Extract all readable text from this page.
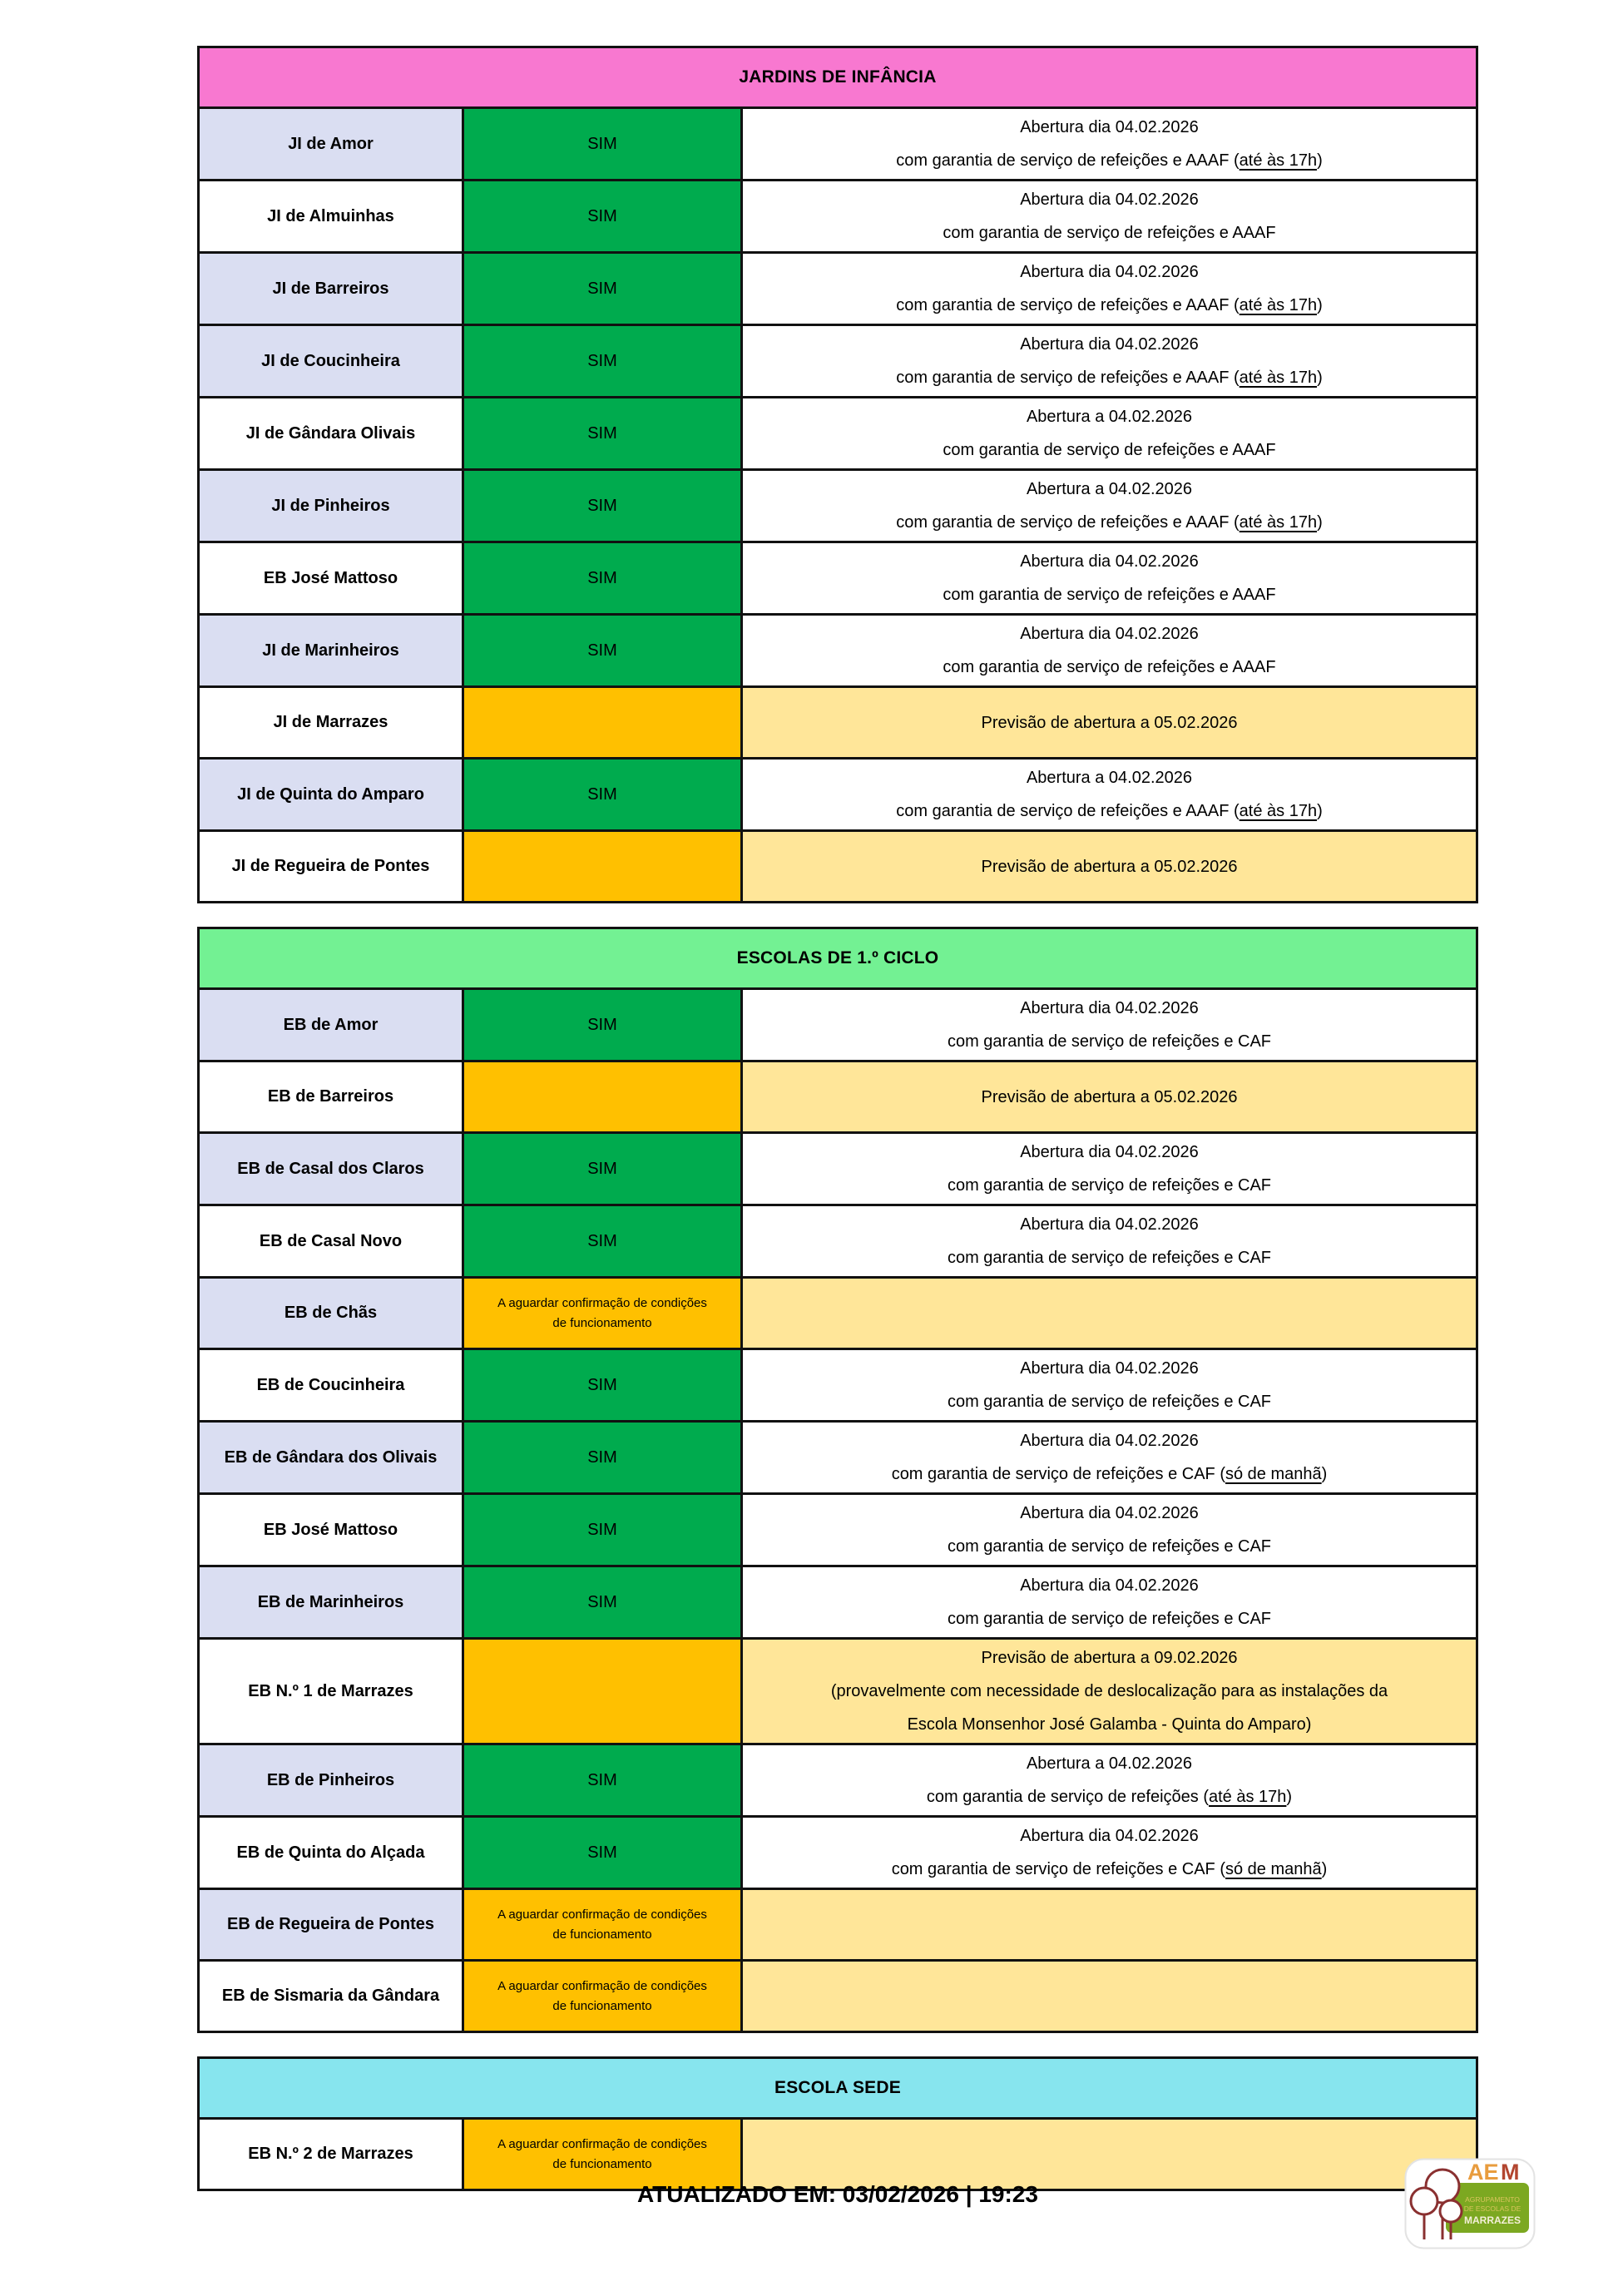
JARDINS DE INFÂNCIA		
JI de Amor	SIM	Abertura dia 04.02.2026
com garantia de serviço de refeições e AAAF (até às 17h)

JI de Almuinhas	SIM	Abertura dia 04.02.2026
com garantia de serviço de refeições e AAAF

JI de Barreiros	SIM	Abertura dia 04.02.2026
com garantia de serviço de refeições e AAAF (até às 17h)

JI de Coucinheira	SIM	Abertura dia 04.02.2026
com garantia de serviço de refeições e AAAF (até às 17h)

JI de Gândara Olivais	SIM	Abertura a 04.02.2026
com garantia de serviço de refeições e AAAF

JI de Pinheiros	SIM	Abertura a 04.02.2026
com garantia de serviço de refeições e AAAF (até às 17h)

EB José Mattoso	SIM	Abertura dia 04.02.2026
com garantia de serviço de refeições e AAAF

JI de Marinheiros	SIM	Abertura dia 04.02.2026
com garantia de serviço de refeições e AAAF

JI de Marrazes		Previsão de abertura a 05.02.2026

JI de Quinta do Amparo	SIM	Abertura a 04.02.2026
com garantia de serviço de refeições e AAAF (até às 17h)

JI de Regueira de Pontes		Previsão de abertura a 05.02.2026
ESCOLAS DE 1.º CICLO		
EB de Amor	SIM	Abertura dia 04.02.2026
com garantia de serviço de refeições e CAF

EB de Barreiros		Previsão de abertura a 05.02.2026

EB de Casal dos Claros	SIM	Abertura dia 04.02.2026
com garantia de serviço de refeições e CAF

EB de Casal Novo	SIM	Abertura dia 04.02.2026
com garantia de serviço de refeições e CAF

EB de Chãs	A aguardar confirmação de condições de funcionamento	
EB de Coucinheira	SIM	Abertura dia 04.02.2026
com garantia de serviço de refeições e CAF

EB de Gândara dos Olivais	SIM	Abertura dia 04.02.2026
com garantia de serviço de refeições e CAF (só de manhã)

EB José Mattoso	SIM	Abertura dia 04.02.2026
com garantia de serviço de refeições e CAF

EB de Marinheiros	SIM	Abertura dia 04.02.2026
com garantia de serviço de refeições e CAF

EB N.º 1 de Marrazes		Previsão de abertura a 09.02.2026
(provavelmente com necessidade de deslocalização para as instalações da
Escola Monsenhor José Galamba - Quinta do Amparo)

EB de Pinheiros	SIM	Abertura a 04.02.2026
com garantia de serviço de refeições (até às 17h)

EB de Quinta do Alçada	SIM	Abertura dia 04.02.2026
com garantia de serviço de refeições e CAF (só de manhã)

EB de Regueira de Pontes	A aguardar confirmação de condições de funcionamento	
EB de Sismaria da Gândara	A aguardar confirmação de condições de funcionamento	
ESCOLA SEDE
EB N.º 2 de Marrazes	A aguardar confirmação de condições de funcionamento	
ATUALIZADO EM: 03/02/2026 | 19:23
AE M
AGRUPAMENTO
DE ESCOLAS DE
MARRAZES
